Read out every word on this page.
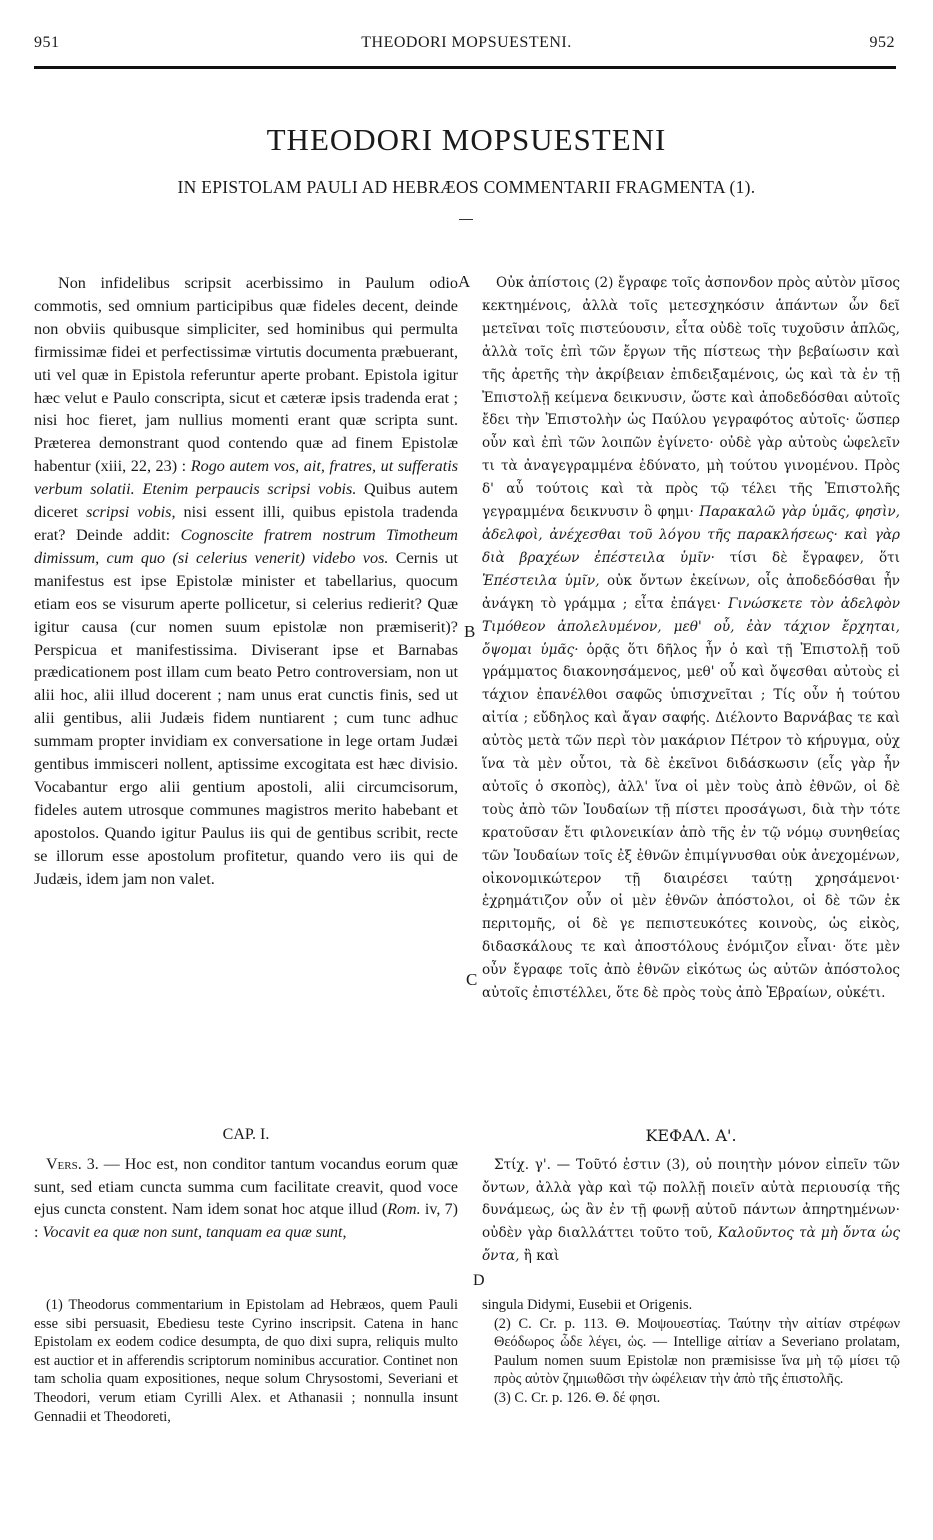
951	THEODORI MOPSUESTENI.	952
THEODORI MOPSUESTENI
IN EPISTOLAM PAULI AD HEBRÆOS COMMENTARII FRAGMENTA (1).

Non infidelibus scripsit acerbissimo in Paulum odio commotis, sed omnium participibus quæ fideles decent, deinde non obviis quibusque simpliciter, sed hominibus qui permulta firmissimæ fidei et perfectissimæ virtutis documenta præbuerant, uti vel quæ in Epistola referuntur aperte probant. Epistola igitur hæc velut e Paulo conscripta, sicut et cæteræ ipsis tradenda erat ; nisi hoc fieret, jam nullius momenti erant quæ scripta sunt. Præterea demonstrant quod contendo quæ ad finem Epistolæ habentur (xiii, 22, 23) : Rogo autem vos, ait, fratres, ut sufferatis verbum solatii. Etenim perpaucis scripsi vobis. Quibus autem diceret scripsi vobis, nisi essent illi, quibus epistola tradenda erat? Deinde addit: Cognoscite fratrem nostrum Timotheum dimissum, cum quo (si celerius venerit) videbo vos. Cernis ut manifestus est ipse Epistolæ minister et tabellarius, quocum etiam eos se visurum aperte pollicetur, si celerius redierit? Quæ igitur causa (cur nomen suum epistolæ non præmiserit)? Perspicua et manifestissima. Diviserant ipse et Barnabas prædicationem post illam cum beato Petro controversiam, non ut alii hoc, alii illud docerent ; nam unus erat cunctis finis, sed ut alii gentibus, alii Judæis fidem nuntiarent ; cum tunc adhuc summam propter invidiam ex conversatione in lege ortam Judæi gentibus immisceri nollent, aptissime excogitata est hæc divisio. Vocabantur ergo alii gentium apostoli, alii circumcisorum, fideles autem utrosque communes magistros merito habebant et apostolos. Quando igitur Paulus iis qui de gentibus scribit, recte se illorum esse apostolum profitetur, quando vero iis qui de Judæis, idem jam non valet.

Οὐκ ἀπίστοις (2) ἔγραφε τοῖς ἀσπονδον πρὸς αὐτὸν μῖσος κεκτημένοις, ἀλλὰ τοῖς μετεσχηκόσιν ἁπάντων ὧν δεῖ μετεῖναι τοῖς πιστεύουσιν, εἶτα οὐδὲ τοῖς τυχοῦσιν ἁπλῶς, ἀλλὰ τοῖς ἐπὶ τῶν ἔργων τῆς πίστεως τὴν βεβαίωσιν καὶ τῆς ἀρετῆς τὴν ἀκρίβειαν ἐπιδειξαμένοις, ὡς καὶ τὰ ἐν τῇ Ἐπιστολῇ κείμενα δεικνυσιν, ὥστε καὶ ἀποδεδόσθαι αὐτοῖς ἔδει τὴν Ἐπιστολὴν ὡς Παύλου γεγραφότος αὐτοῖς· ὥσπερ οὖν καὶ ἐπὶ τῶν λοιπῶν ἐγίνετο· οὐδὲ γὰρ αὐτοὺς ὠφελεῖν τι τὰ ἀναγεγραμμένα ἐδύνατο, μὴ τούτου γινομένου. Πρὸς δ' αὖ τούτοις καὶ τὰ πρὸς τῷ τέλει τῆς Ἐπιστολῆς γεγραμμένα δεικνυσιν ὃ φημι· Παρακαλῶ γὰρ ὑμᾶς, φησὶν, ἀδελφοὶ, ἀνέχεσθαι τοῦ λόγου τῆς παρακλήσεως· καὶ γὰρ διὰ βραχέων ἐπέστειλα ὑμῖν· τίσι δὲ ἔγραφεν, ὅτι Ἐπέστειλα ὑμῖν, οὐκ ὄντων ἐκείνων, οἷς ἀποδεδόσθαι ἦν ἀνάγκη τὸ γράμμα ; εἶτα ἐπάγει· Γινώσκετε τὸν ἀδελφὸν Τιμόθεον ἀπολελυμένον, μεθ' οὗ, ἐὰν τάχιον ἔρχηται, ὄψομαι ὑμᾶς· ὁρᾷς ὅτι δῆλος ἦν ὁ καὶ τῇ Ἐπιστολῇ τοῦ γράμματος διακονησάμενος, μεθ' οὗ καὶ ὄψεσθαι αὐτοὺς εἰ τάχιον ἐπανέλθοι σαφῶς ὑπισχνεῖται ; Τίς οὖν ἡ τούτου αἰτία ; εὔδηλος καὶ ἄγαν σαφής. Διέλοντο Βαρνάβας τε καὶ αὐτὸς μετὰ τῶν περὶ τὸν μακάριον Πέτρον τὸ κήρυγμα, οὐχ ἵνα τὰ μὲν οὗτοι, τὰ δὲ ἐκεῖνοι διδάσκωσιν (εἷς γὰρ ἦν αὐτοῖς ὁ σκοπὸς), ἀλλ' ἵνα οἱ μὲν τοὺς ἀπὸ ἐθνῶν, οἱ δὲ τοὺς ἀπὸ τῶν Ἰουδαίων τῇ πίστει προσάγωσι, διὰ τὴν τότε κρατοῦσαν ἔτι φιλονεικίαν ἀπὸ τῆς ἐν τῷ νόμῳ συνηθείας τῶν Ἰουδαίων τοῖς ἐξ ἐθνῶν ἐπιμίγνυσθαι οὐκ ἀνεχομένων, οἰκονομικώτερον τῇ διαιρέσει ταύτῃ χρησάμενοι· ἐχρημάτιζον οὖν οἱ μὲν ἐθνῶν ἀπόστολοι, οἱ δὲ τῶν ἐκ περιτομῆς, οἱ δὲ γε πεπιστευκότες κοινοὺς, ὡς εἰκὸς, διδασκάλους τε καὶ ἀποστόλους ἐνόμιζον εἶναι· ὅτε μὲν οὖν ἔγραφε τοῖς ἀπὸ ἐθνῶν εἰκότως ὡς αὐτῶν ἀπόστολος αὐτοῖς ἐπιστέλλει, ὅτε δὲ πρὸς τοὺς ἀπὸ Ἑβραίων, οὐκέτι.

A
B
C
D
CAP. I.	ΚΕΦΑΛ. Α'.
Vers. 3. — Hoc est, non conditor tantum vocandus eorum quæ sunt, sed etiam cuncta summa cum facilitate creavit, quod voce ejus cuncta constent. Nam idem sonat hoc atque illud (Rom. iv, 7) : Vocavit ea quæ non sunt, tanquam ea quæ sunt,
Στίχ. γ'. — Τοῦτό ἐστιν (3), οὐ ποιητὴν μόνον εἰπεῖν τῶν ὄντων, ἀλλὰ γὰρ καὶ τῷ πολλῇ ποιεῖν αὐτὰ περιουσίᾳ τῆς δυνάμεως, ὡς ἂν ἐν τῇ φωνῇ αὐτοῦ πάντων ἀπηρτημένων· οὐδὲν γὰρ διαλλάττει τοῦτο τοῦ, Καλοῦντος τὰ μὴ ὄντα ὡς ὄντα, ἢ καὶ
(1) Theodorus commentarium in Epistolam ad Hebræos, quem Pauli esse sibi persuasit, Ebediesu teste Cyrino inscripsit. Catena in hanc Epistolam ex eodem codice desumpta, de quo dixi supra, reliquis multo est auctior et in afferendis scriptorum nominibus accuratior. Continet non tam scholia quam expositiones, neque solum Chrysostomi, Severiani et Theodori, verum etiam Cyrilli Alex. et Athanasii ; nonnulla insunt Gennadii et Theodoreti,
singula Didymi, Eusebii et Origenis.
(2) C. Cr. p. 113. Θ. Μοψουεστίας. Ταύτην τὴν αἰτίαν στρέφων Θεόδωρος ὧδε λέγει, ὡς. — Intellige αἰτίαν a Severiano prolatam, Paulum nomen suum Epistolæ non præmisisse ἵνα μὴ τῷ μίσει τῷ πρὸς αὐτὸν ζημιωθῶσι τὴν ὠφέλειαν τὴν ἀπὸ τῆς ἐπιστολῆς.
(3) C. Cr. p. 126. Θ. δέ φησι.
